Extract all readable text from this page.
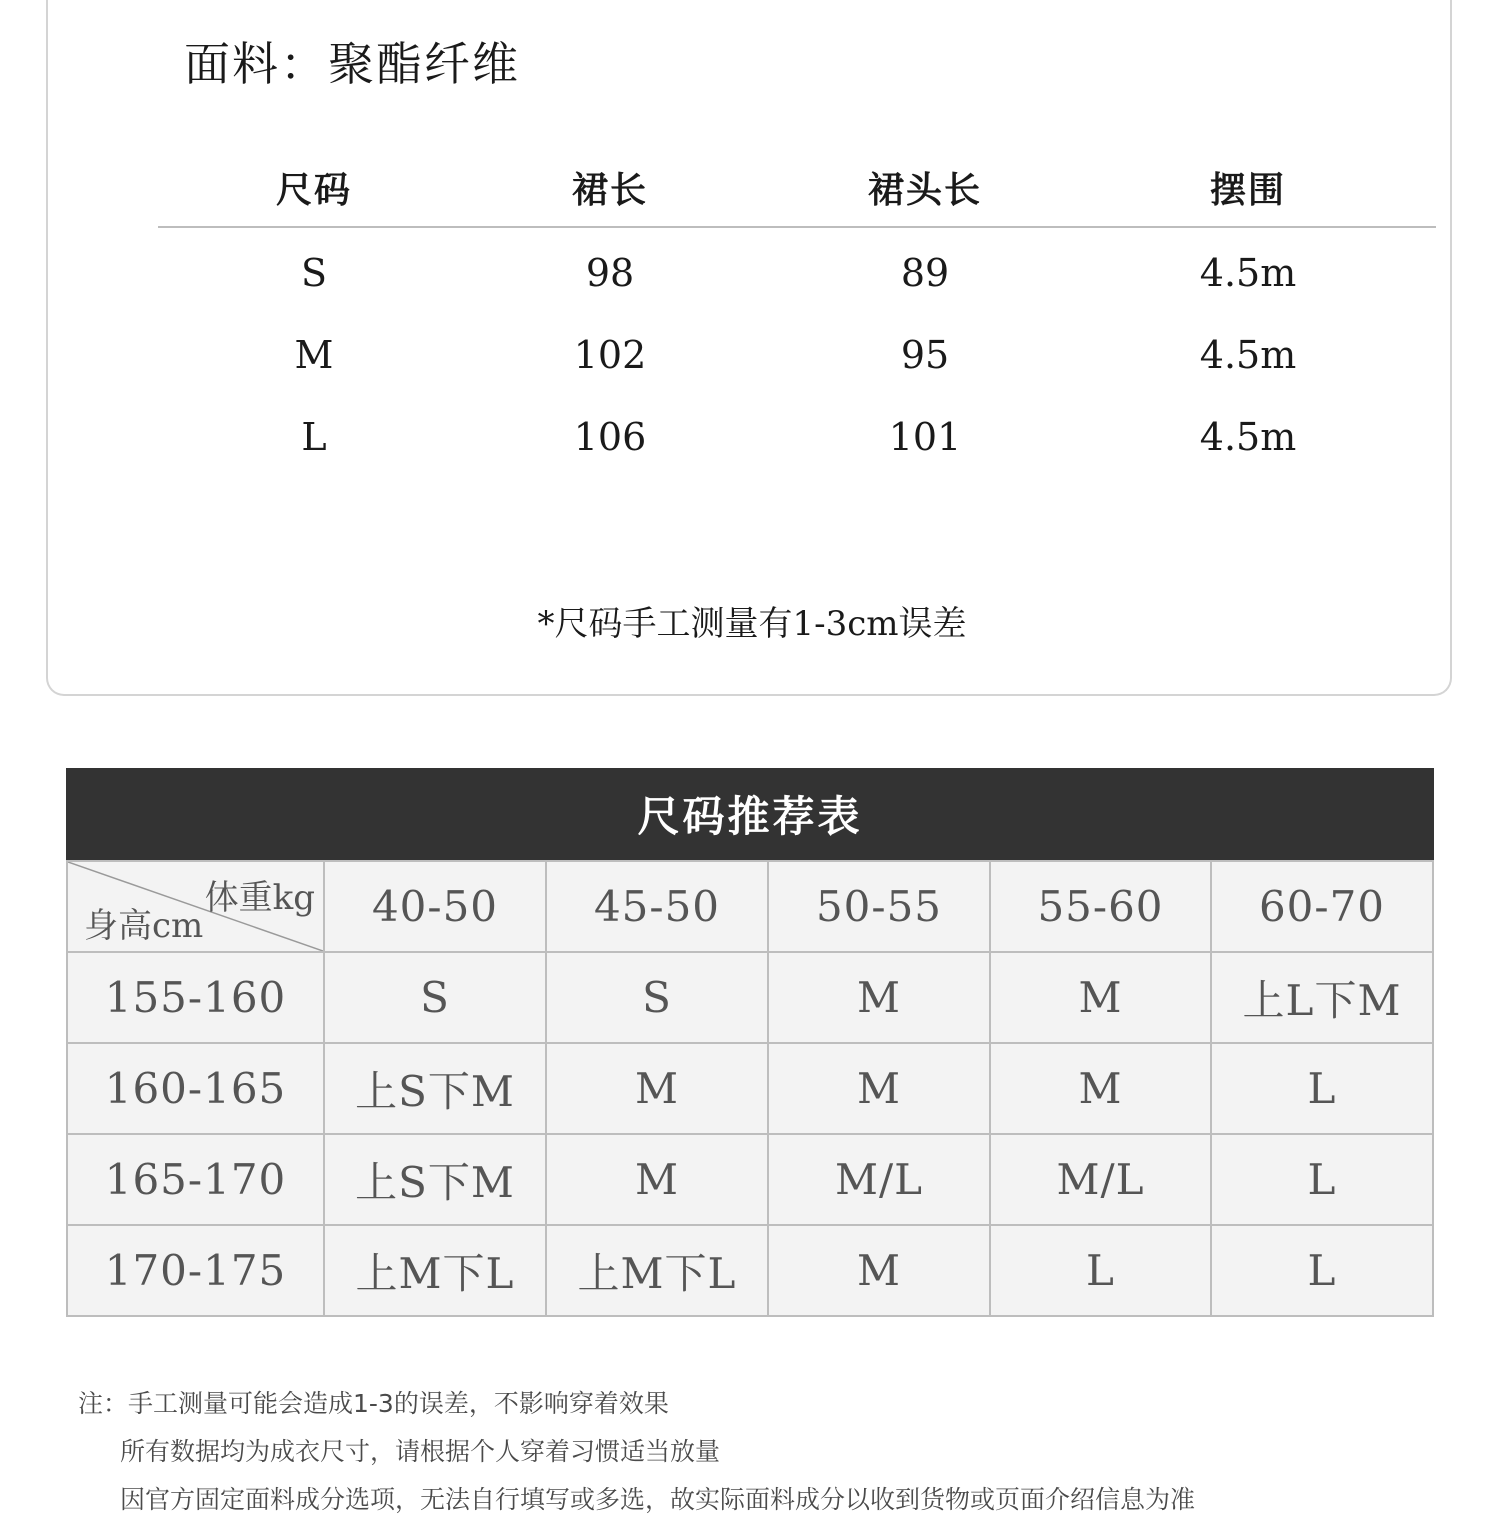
面料：聚酯纤维
尺码	裙长	裙头长	摆围
S	98	89	4.5m
M	102	95	4.5m
L	106	101	4.5m
*尺码手工测量有1-3cm误差
尺码推荐表
体重kg
身高cm	40-50	45-50	50-55	55-60	60-70
155-160	S	S	M	M	上L下M
160-165	上S下M	M	M	M	L
165-170	上S下M	M	M/L	M/L	L
170-175	上M下L	上M下L	M	L	L
注：手工测量可能会造成1-3的误差，不影响穿着效果
所有数据均为成衣尺寸，请根据个人穿着习惯适当放量
因官方固定面料成分选项，无法自行填写或多选，故实际面料成分以收到货物或页面介绍信息为准
